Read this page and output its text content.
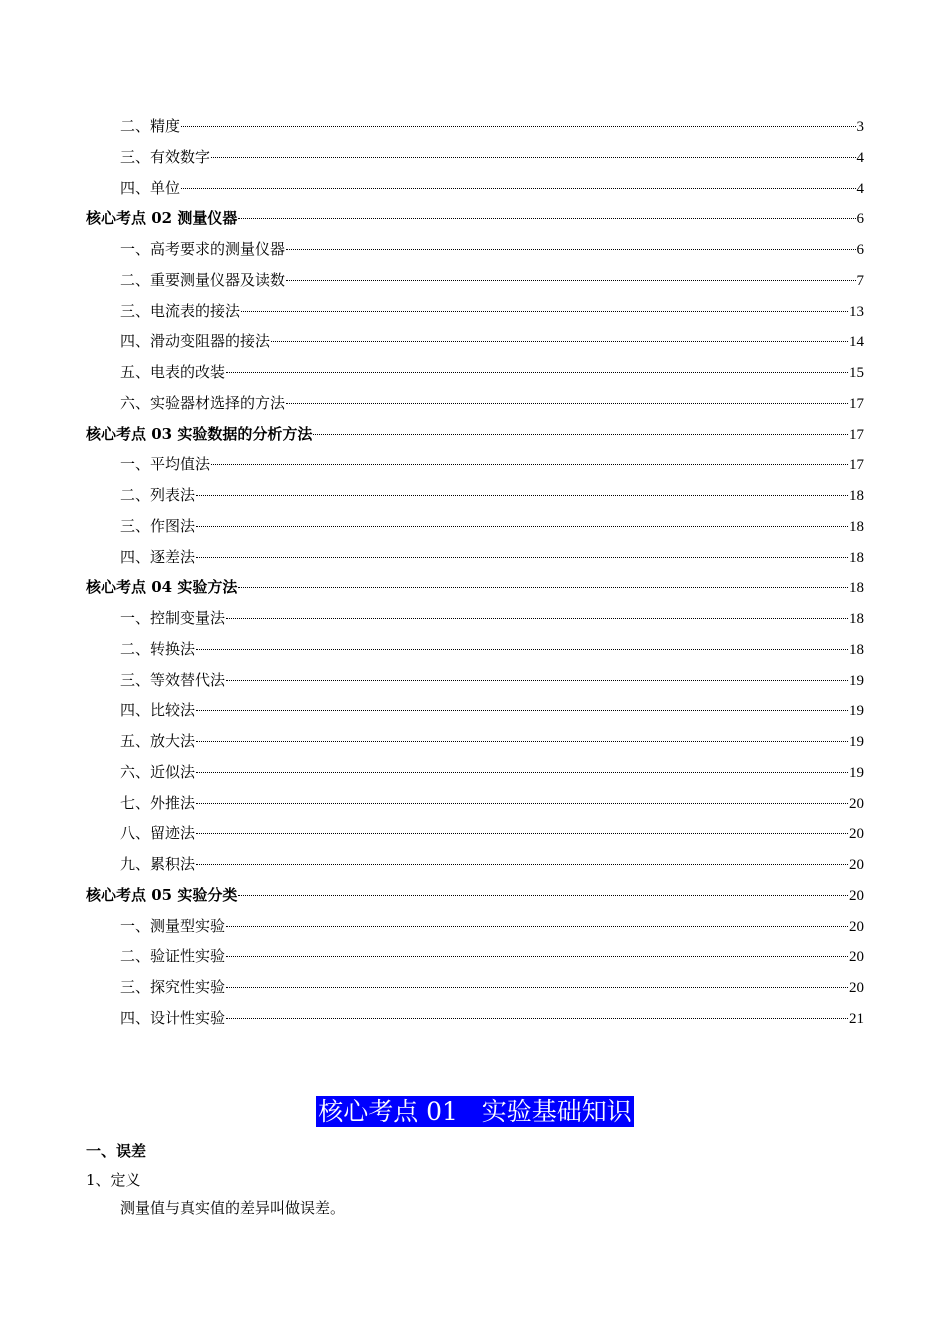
二、精度	3
三、有效数字	4
四、单位	4
核心考点 02 测量仪器	6
一、高考要求的测量仪器	6
二、重要测量仪器及读数	7
三、电流表的接法	13
四、滑动变阻器的接法	14
五、电表的改装	15
六、实验器材选择的方法	17
核心考点 03 实验数据的分析方法	17
一、平均值法	17
二、列表法	18
三、作图法	18
四、逐差法	18
核心考点 04 实验方法	18
一、控制变量法	18
二、转换法	18
三、等效替代法	19
四、比较法	19
五、放大法	19
六、近似法	19
七、外推法	20
八、留迹法	20
九、累积法	20
核心考点 05 实验分类	20
一、测量型实验	20
二、验证性实验	20
三、探究性实验	20
四、设计性实验	21
核心考点 01   实验基础知识
一、误差
1、定义
测量值与真实值的差异叫做误差。
